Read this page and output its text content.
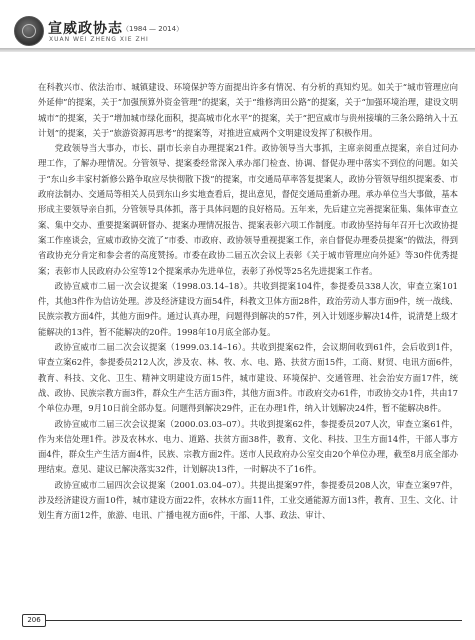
宣威政协志 （1984 — 2014）
XUAN WEI ZHENG XIE ZHI

在科教兴市、依法治市、城镇建设、环境保护等方面提出许多有情况、有分析的真知灼见。如关于“城市管理应向外延伸”的提案，关于“加强预算外资金管理”的提案，关于“维修湾田公路”的提案，关于“加强环境治理，建设文明城市”的提案，关于“增加城市绿化面积，提高城市化水平”的提案，关于“把宣威市与贵州接壤的三条公路纳入十五计划”的提案，关于“旅游资源再思考”的提案等，对推进宣威两个文明建设发挥了积极作用。

党政领导当大事办，市长、副市长亲自办理提案21件。政协领导当大事抓，主席亲阅重点提案，亲自过问办理工作，了解办理情况。分管领导、提案委经常深入承办部门检查、协调、督促办理中落实不到位的问题。如关于“东山乡丰家村新修公路争取应尽快彻散下拨”的提案，市交通局草率答复提案人，政协分管领导组织提案委、市政府法制办、交通局等相关人员到东山乡实地查看后，提出意见，督促交通局重新办理。承办单位当大事做，基本形成主要领导亲自抓，分管领导具体抓，落于具体问题的良好格局。五年来，先后建立完善提案征集、集体审查立案、集中交办、重要提案调研督办、提案办理情况报告、提案表彰六项工作制度。市政协坚持每年召开七次政协提案工作座谈会，宣威市政协交流了“市委、市政府、政协领导重视提案工作，亲自督促办理委员提案”的做法，得到省政协充分肯定和参会者的高度赞扬。市委在政协二届五次会议上表彰《关于城市管理应向外延》等30件优秀提案；表彰市人民政府办公室等12个提案承办先进单位，表彰了孙悦等25名先进提案工作者。

政协宣威市二届一次会议提案（1998.03.14–18）。共收到提案104件，参提委员338人次，审查立案101件，其他3件作为信访处理。涉及经济建设方面54件，科教文卫体方面28件，政治劳动人事方面9件，统一战线、民族宗教方面4件，其他方面9件。通过认真办理，问题得到解决的57件，列入计划逐步解决14件，说清楚上级才能解决的13件，暂不能解决的20件。1998年10月底全部办复。

政协宣威市二届二次会议提案（1999.03.14–16）。共收到提案62件，会议期间收到61件，会后收到1件，审查立案62件，参提委员212人次，涉及农、林、牧、水、电、路、扶贫方面15件，工商、财贸、电讯方面6件，教育、科技、文化、卫生、精神文明建设方面15件，城市建设、环境保护、交通管理、社会治安方面17件，统战、政协、民族宗教方面3件，群众生产生活方面3件，其他方面3件。市政府交办61件，市政协交办1件，共由17个单位办理，9月10日前全部办复。问题得到解决29件，正在办理1件，纳入计划解决24件，暂不能解决8件。

政协宣威市二届三次会议提案（2000.03.03–07）。共收到提案62件，参提委员207人次，审查立案61件，作为来信处理1件。涉及农林水、电力、道路、扶贫方面38件，教育、文化、科技、卫生方面14件，干部人事方面4件，群众生产生活方面4件，民族、宗教方面2件。送市人民政府办公室交由20个单位办理，截至8月底全部办理结束。意见、建议已解决落实32件，计划解决13件，一时解决不了16件。

政协宣威市二届四次会议提案（2001.03.04–07）。共提出提案97件，参提委员208人次，审查立案97件，涉及经济建设方面10件，城市建设方面22件，农林水方面11件，工业交通能源方面13件，教育、卫生、文化、计划生育方面12件，旅游、电讯、广播电视方面6件，干部、人事、政法、审计、

206
